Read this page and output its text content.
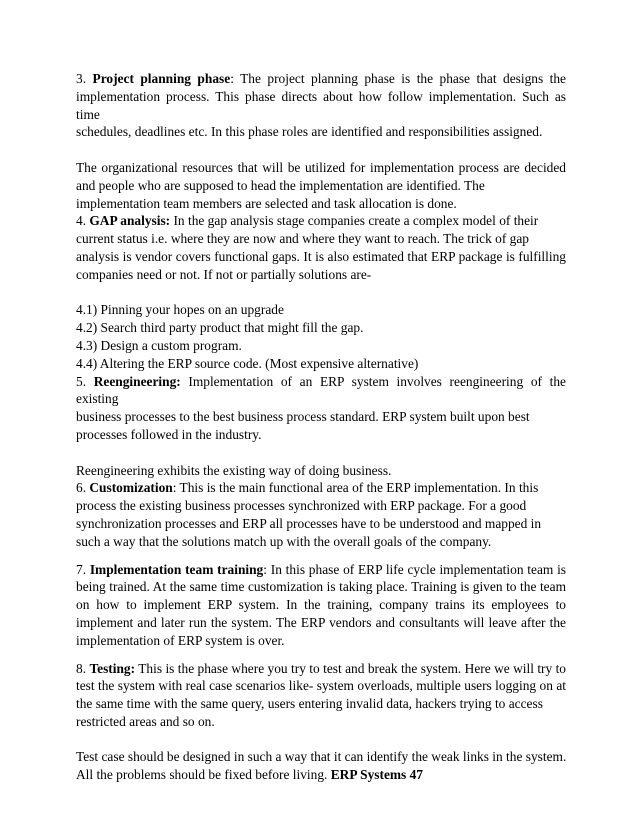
3. Project planning phase: The project planning phase is the phase that designs the
implementation process. This phase directs about how follow implementation. Such as time
schedules, deadlines etc. In this phase roles are identified and responsibilities assigned.
The organizational resources that will be utilized for implementation process are decided
and people who are supposed to head the implementation are identified. The
implementation team members are selected and task allocation is done.
4. GAP analysis: In the gap analysis stage companies create a complex model of their
current status i.e. where they are now and where they want to reach. The trick of gap
analysis is vendor covers functional gaps. It is also estimated that ERP package is fulfilling
companies need or not. If not or partially solutions are-
4.1) Pinning your hopes on an upgrade
4.2) Search third party product that might fill the gap.
4.3) Design a custom program.
4.4) Altering the ERP source code. (Most expensive alternative)
5. Reengineering: Implementation of an ERP system involves reengineering of the existing
business processes to the best business process standard. ERP system built upon best
processes followed in the industry.
Reengineering exhibits the existing way of doing business.
6. Customization: This is the main functional area of the ERP implementation. In this
process the existing business processes synchronized with ERP package. For a good
synchronization processes and ERP all processes have to be understood and mapped in
such a way that the solutions match up with the overall goals of the company.
7. Implementation team training: In this phase of ERP life cycle implementation team is
being trained. At the same time customization is taking place. Training is given to the team
on how to implement ERP system. In the training, company trains its employees to
implement and later run the system. The ERP vendors and consultants will leave after the
implementation of ERP system is over.
8. Testing: This is the phase where you try to test and break the system. Here we will try to
test the system with real case scenarios like- system overloads, multiple users logging on at
the same time with the same query, users entering invalid data, hackers trying to access
restricted areas and so on.
Test case should be designed in such a way that it can identify the weak links in the system.
All the problems should be fixed before living. ERP Systems 47
